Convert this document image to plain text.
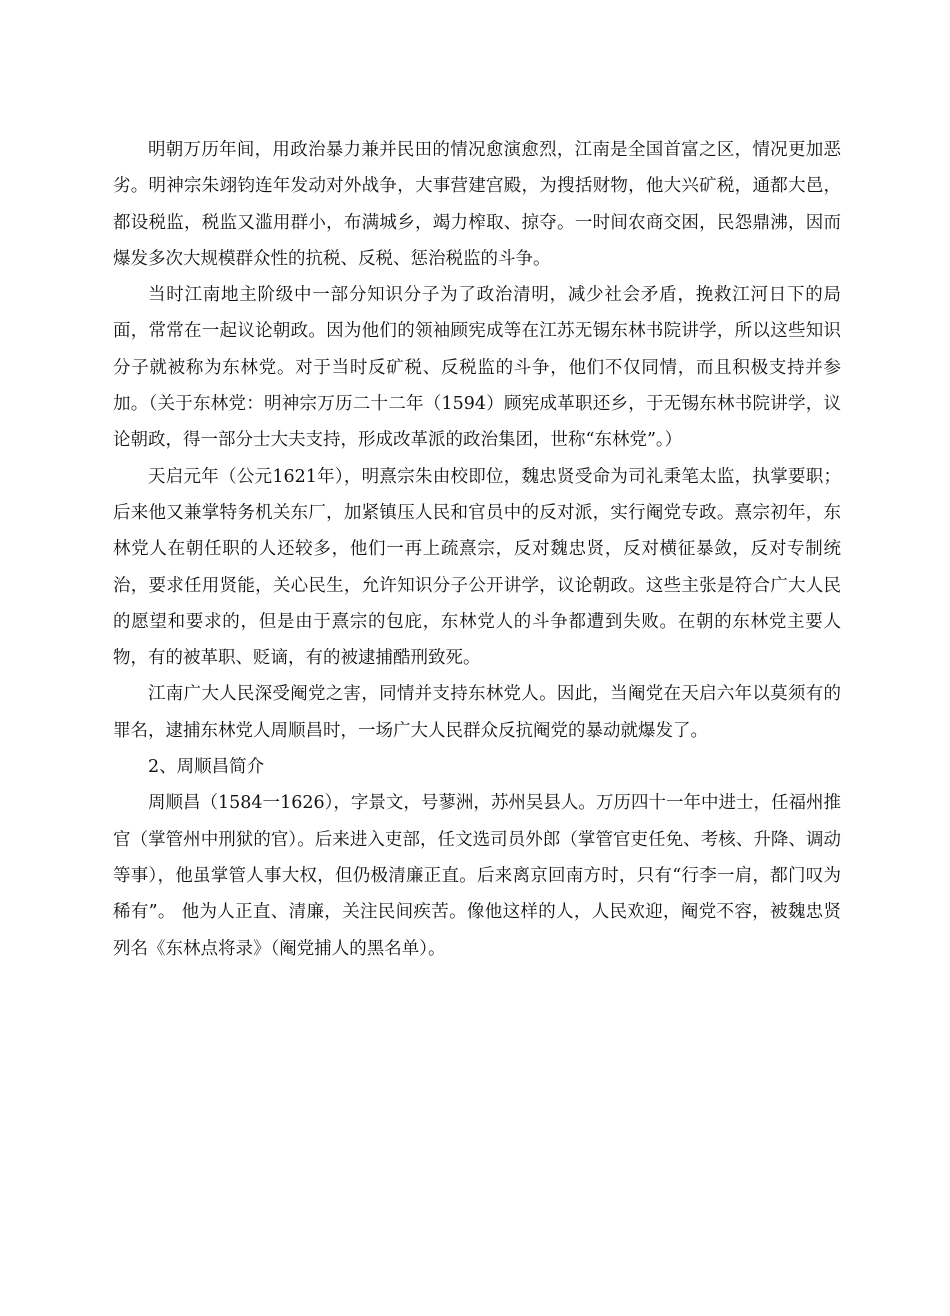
明朝万历年间，用政治暴力兼并民田的情况愈演愈烈，江南是全国首富之区，情况更加恶劣。明神宗朱翊钧连年发动对外战争，大事营建宫殿，为搜括财物，他大兴矿税，通都大邑，都设税监，税监又滥用群小，布满城乡，竭力榨取、掠夺。一时间农商交困，民怨鼎沸，因而爆发多次大规模群众性的抗税、反税、惩治税监的斗争。

当时江南地主阶级中一部分知识分子为了政治清明，减少社会矛盾，挽救江河日下的局面，常常在一起议论朝政。因为他们的领袖顾宪成等在江苏无锡东林书院讲学，所以这些知识分子就被称为东林党。对于当时反矿税、反税监的斗争，他们不仅同情，而且积极支持并参加。（关于东林党：明神宗万历二十二年（1594）顾宪成革职还乡，于无锡东林书院讲学，议论朝政，得一部分士大夫支持，形成改革派的政治集团，世称“东林党”。）

天启元年（公元1621年），明熹宗朱由校即位，魏忠贤受命为司礼秉笔太监，执掌要职；后来他又兼掌特务机关东厂，加紧镇压人民和官员中的反对派，实行阉党专政。熹宗初年，东林党人在朝任职的人还较多，他们一再上疏熹宗，反对魏忠贤，反对横征暴敛，反对专制统治，要求任用贤能，关心民生，允许知识分子公开讲学，议论朝政。这些主张是符合广大人民的愿望和要求的，但是由于熹宗的包庇，东林党人的斗争都遭到失败。在朝的东林党主要人物，有的被革职、贬谪，有的被逮捕酷刑致死。

江南广大人民深受阉党之害，同情并支持东林党人。因此，当阉党在天启六年以莫须有的罪名，逮捕东林党人周顺昌时，一场广大人民群众反抗阉党的暴动就爆发了。

2、周顺昌简介

周顺昌（1584一1626），字景文，号蓼洲，苏州吴县人。万历四十一年中进士，任福州推官（掌管州中刑狱的官）。后来进入吏部，任文选司员外郎（掌管官吏任免、考核、升降、调动等事），他虽掌管人事大权，但仍极清廉正直。后来离京回南方时，只有“行李一肩，都门叹为稀有”。 他为人正直、清廉，关注民间疾苦。像他这样的人，人民欢迎，阉党不容，被魏忠贤列名《东林点将录》（阉党捕人的黑名单）。
